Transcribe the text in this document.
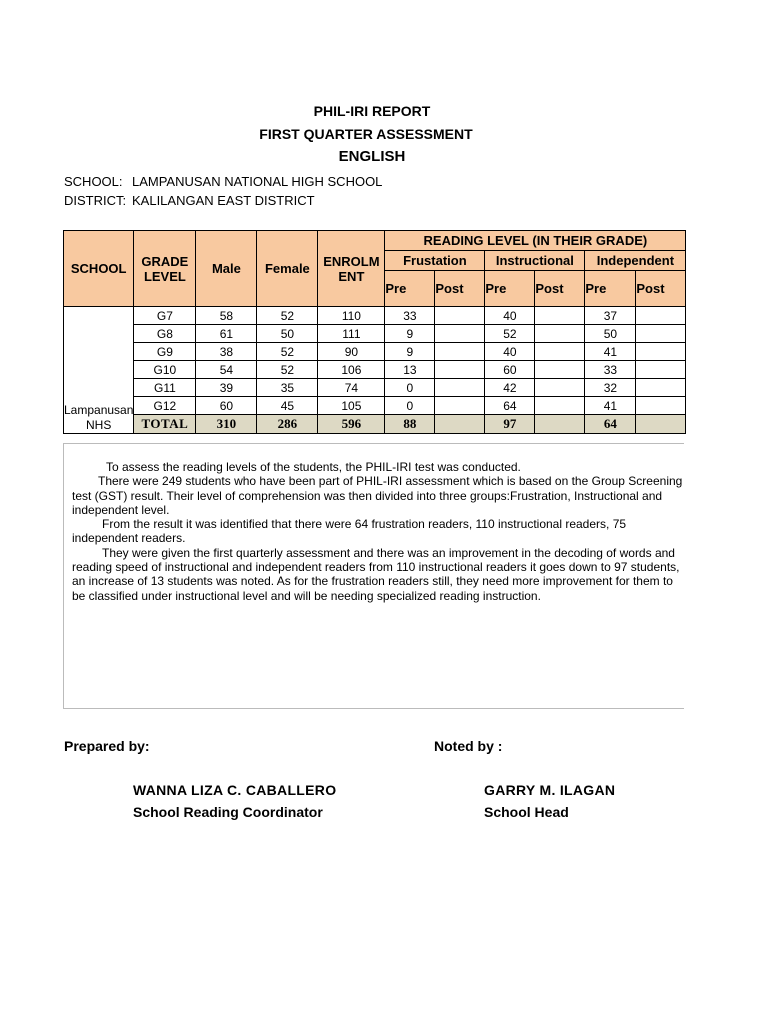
PHIL-IRI REPORT
FIRST QUARTER ASSESSMENT
ENGLISH
SCHOOL: LAMPANUSAN NATIONAL HIGH SCHOOL
DISTRICT: KALILANGAN EAST DISTRICT
SCHOOL	GRADE LEVEL	Male	Female	ENROLM ENT	READING LEVEL (IN THEIR GRADE)					
					Frustation		Instructional		Independent	
					Pre	Post	Pre	Post	Pre	Post
Lampanusan NHS	G7	58	52	110	33		40		37	
	G8	61	50	111	9		52		50	
	G9	38	52	90	9		40		41	
	G10	54	52	106	13		60		33	
	G11	39	35	74	0		42		32	
	G12	60	45	105	0		64		41	
	TOTAL	310	286	596	88		97		64	

To assess the reading levels of the students, the PHIL-IRI test was conducted.

There were 249 students who have been part of PHIL-IRI assessment which is based on the Group Screening test (GST) result. Their level of comprehension was then divided into three groups:Frustration, Instructional and independent level.

From the result it was identified that there were 64 frustration readers, 110 instructional readers, 75 independent readers.

They were given the first quarterly assessment and there was an improvement in the decoding of words and reading speed of instructional and independent readers from 110 instructional readers it goes down to 97 students, an increase of 13 students was noted. As for the frustration readers still, they need more improvement for them to be classified under instructional level and will be needing specialized reading instruction.

Prepared by:	Noted by :
WANNA LIZA C. CABALLERO
School Reading Coordinator
GARRY M. ILAGAN
School Head
